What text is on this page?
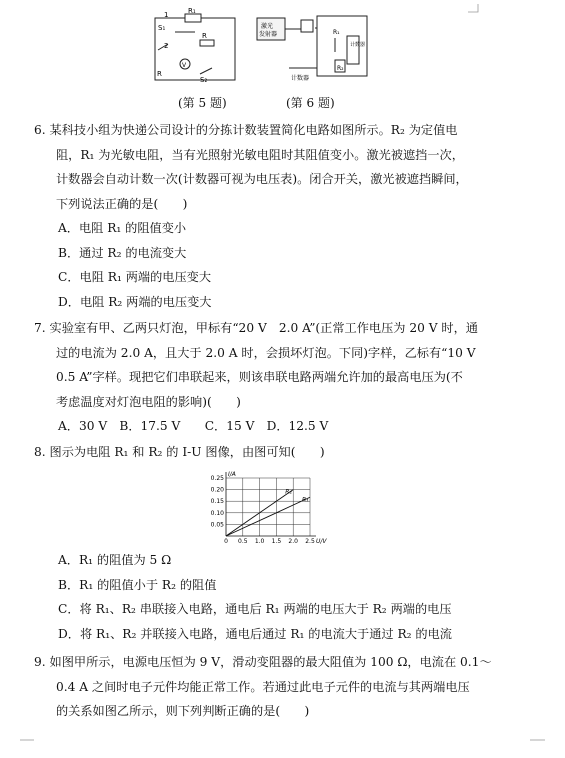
1	R₁
S₁
2
R
V
R
S₂
激光
发射器
计数器
R₁
R₂
计数器
(第 5 题)	(第 6 题)
6. 某科技小组为快递公司设计的分拣计数装置简化电路如图所示。R₂ 为定值电
阻，R₁ 为光敏电阻，当有光照射光敏电阻时其阻值变小。激光被遮挡一次，
计数器会自动计数一次(计数器可视为电压表)。闭合开关，激光被遮挡瞬间，
下列说法正确的是(　　)
A．电阻 R₁ 的阻值变小
B．通过 R₂ 的电流变大
C．电阻 R₁ 两端的电压变大
D．电阻 R₂ 两端的电压变大
7. 实验室有甲、乙两只灯泡，甲标有“20 V　2.0 A”(正常工作电压为 20 V 时，通
过的电流为 2.0 A，且大于 2.0 A 时，会损坏灯泡。下同)字样，乙标有“10 V
0.5 A”字样。现把它们串联起来，则该串联电路两端允许加的最高电压为(不
考虑温度对灯泡电阻的影响)(　　)
A．30 V　B．17.5 V　　C．15 V　D．12.5 V
8. 图示为电阻 R₁ 和 R₂ 的 I-U 图像，由图可知(　　)
0.05
0.10
0.15
0.20
0.25
0 0.5 1.0 1.5 2.0 2.5 U/V
I/A
R₂
R₁
A．R₁ 的阻值为 5 Ω
B．R₁ 的阻值小于 R₂ 的阻值
C．将 R₁、R₂ 串联接入电路，通电后 R₁ 两端的电压大于 R₂ 两端的电压
D．将 R₁、R₂ 并联接入电路，通电后通过 R₁ 的电流大于通过 R₂ 的电流
9. 如图甲所示，电源电压恒为 9 V，滑动变阻器的最大阻值为 100 Ω，电流在 0.1～
0.4 A 之间时电子元件均能正常工作。若通过此电子元件的电流与其两端电压
的关系如图乙所示，则下列判断正确的是(　　)
